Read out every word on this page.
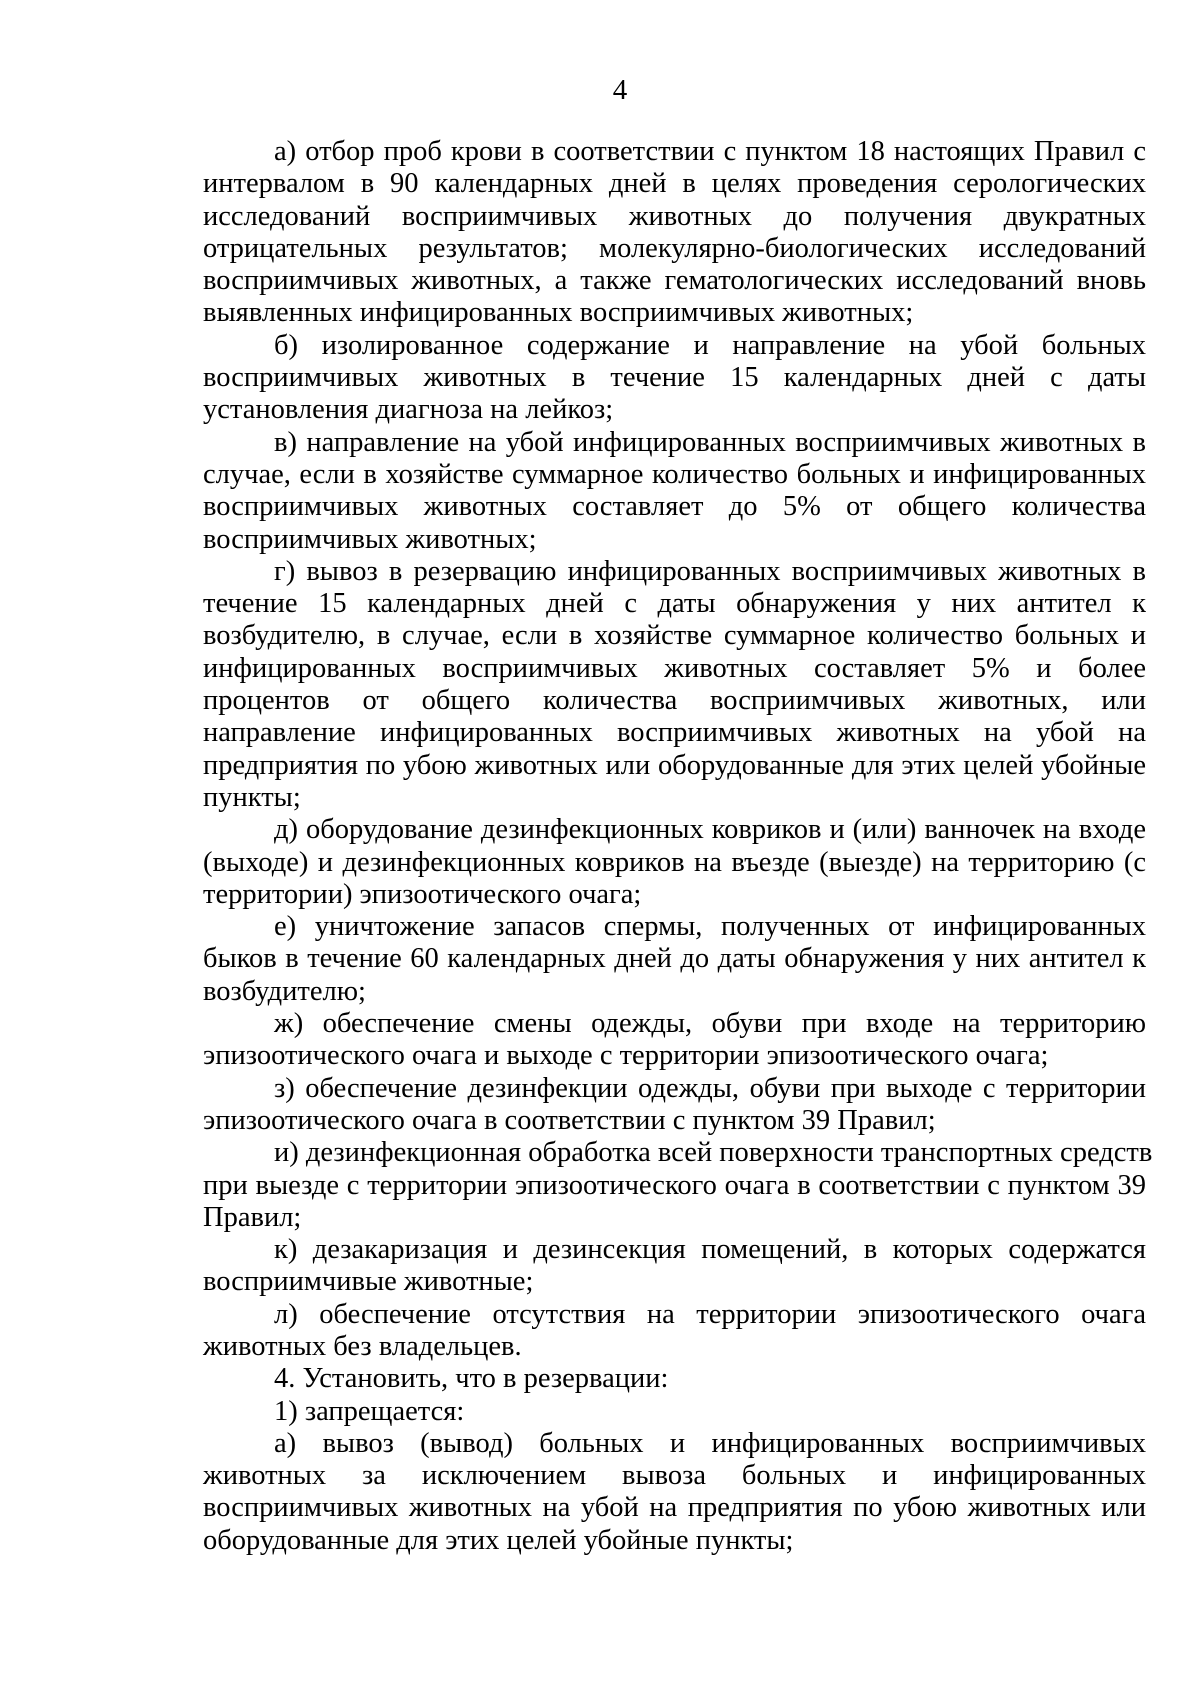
4
а) отбор проб крови в соответствии с пунктом 18 настоящих Правил с
интервалом в 90 календарных дней в целях проведения серологических
исследований восприимчивых животных до получения двукратных
отрицательных результатов; молекулярно-биологических исследований
восприимчивых животных, а также гематологических исследований вновь
выявленных инфицированных восприимчивых животных;
б) изолированное содержание и направление на убой больных
восприимчивых животных в течение 15 календарных дней с даты
установления диагноза на лейкоз;
в) направление на убой инфицированных восприимчивых животных в
случае, если в хозяйстве суммарное количество больных и инфицированных
восприимчивых животных составляет до 5% от общего количества
восприимчивых животных;
г) вывоз в резервацию инфицированных восприимчивых животных в
течение 15 календарных дней с даты обнаружения у них антител к
возбудителю, в случае, если в хозяйстве суммарное количество больных и
инфицированных восприимчивых животных составляет 5% и более
процентов от общего количества восприимчивых животных, или
направление инфицированных восприимчивых животных на убой на
предприятия по убою животных или оборудованные для этих целей убойные
пункты;
д) оборудование дезинфекционных ковриков и (или) ванночек на входе
(выходе) и дезинфекционных ковриков на въезде (выезде) на территорию (с
территории) эпизоотического очага;
е) уничтожение запасов спермы, полученных от инфицированных
быков в течение 60 календарных дней до даты обнаружения у них антител к
возбудителю;
ж) обеспечение смены одежды, обуви при входе на территорию
эпизоотического очага и выходе с территории эпизоотического очага;
з) обеспечение дезинфекции одежды, обуви при выходе с территории
эпизоотического очага в соответствии с пунктом 39 Правил;
и) дезинфекционная обработка всей поверхности транспортных средств
при выезде с территории эпизоотического очага в соответствии с пунктом 39
Правил;
к) дезакаризация и дезинсекция помещений, в которых содержатся
восприимчивые животные;
л) обеспечение отсутствия на территории эпизоотического очага
животных без владельцев.
4. Установить, что в резервации:
1) запрещается:
а) вывоз (вывод) больных и инфицированных восприимчивых
животных за исключением вывоза больных и инфицированных
восприимчивых животных на убой на предприятия по убою животных или
оборудованные для этих целей убойные пункты;
